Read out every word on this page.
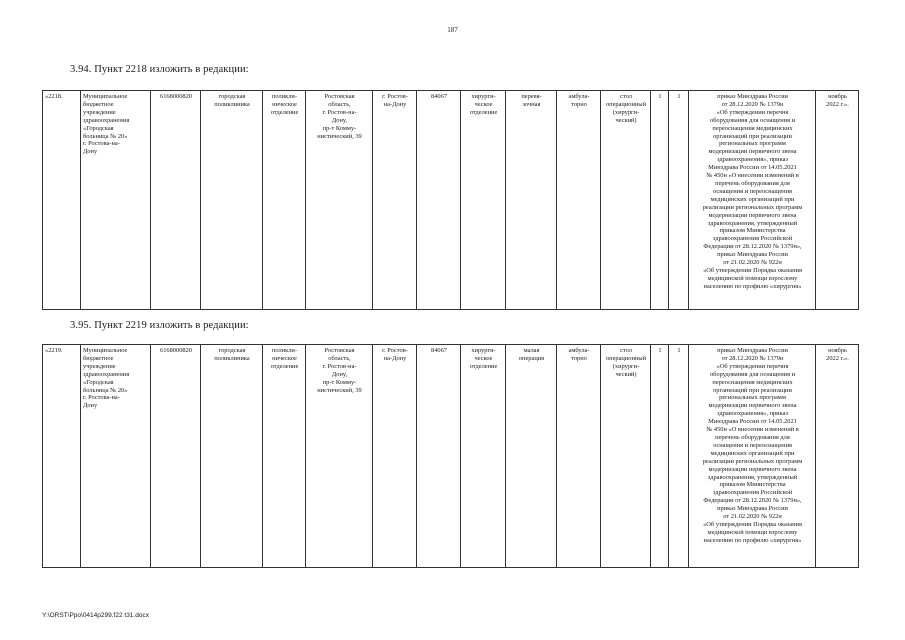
187
3.94. Пункт 2218 изложить в редакции:
«2218.	Муниципальное
бюджетное
учреждение
здравоохранения
«Городская
больница № 20»
г. Ростова-на-
Дону	6168000820	городская
поликлиника	поликли-
ническое
отделение	Ростовская
область,
г. Ростов-на-
Дону,
пр-т Комму-
нистический, 39	г. Ростов-
на-Дону	84067	хирурги-
ческое
отделение	перевя-
зочная	амбула-
торно	стол
операционный
(хирурги-
ческий)	1	1	приказ Минздрава России
от 28.12.2020 № 1379н
«Об утверждении перечня
оборудования для оснащения и
переоснащения медицинских
организаций при реализации
региональных программ
модернизации первичного звена
здравоохранения», приказ
Минздрава России от 14.05.2021
№ 450н «О внесении изменений в
перечень оборудования для
оснащения и переоснащения
медицинских организаций при
реализации региональных программ
модернизации первичного звена
здравоохранения, утвержденный
приказом Министерства
здравоохранения Российской
Федерации от 28.12.2020 № 1379н»,
приказ Минздрава России
от 21.02.2020 № 922н
«Об утверждении Порядка оказания
медицинской помощи взрослому
населению по профилю «хирургия»	ноябрь
2022 г.».
3.95. Пункт 2219 изложить в редакции:
«2219.	Муниципальное
бюджетное
учреждение
здравоохранения
«Городская
больница № 20»
г. Ростова-на-
Дону	6168000820	городская
поликлиника	поликли-
ническое
отделение	Ростовская
область,
г. Ростов-на-
Дону,
пр-т Комму-
нистический, 39	г. Ростов-
на-Дону	84067	хирурги-
ческое
отделение	малая
операция	амбула-
торно	стол
операционный
(хирурги-
ческий)	1	1	приказ Минздрава России
от 28.12.2020 № 1379н
«Об утверждении перечня
оборудования для оснащения и
переоснащения медицинских
организаций при реализации
региональных программ
модернизации первичного звена
здравоохранения», приказ
Минздрава России от 14.05.2021
№ 450н «О внесении изменений в
перечень оборудования для
оснащения и переоснащения
медицинских организаций при
реализации региональных программ
модернизации первичного звена
здравоохранения, утвержденный
приказом Министерства
здравоохранения Российской
Федерации от 28.12.2020 № 1379н»,
приказ Минздрава России
от 21.02.2020 № 922н
«Об утверждении Порядка оказания
медицинской помощи взрослому
населению по профилю «хирургия»	ноябрь
2022 г.».
Y:\ORST\Ppo\0414p299.f22 t31.docx
